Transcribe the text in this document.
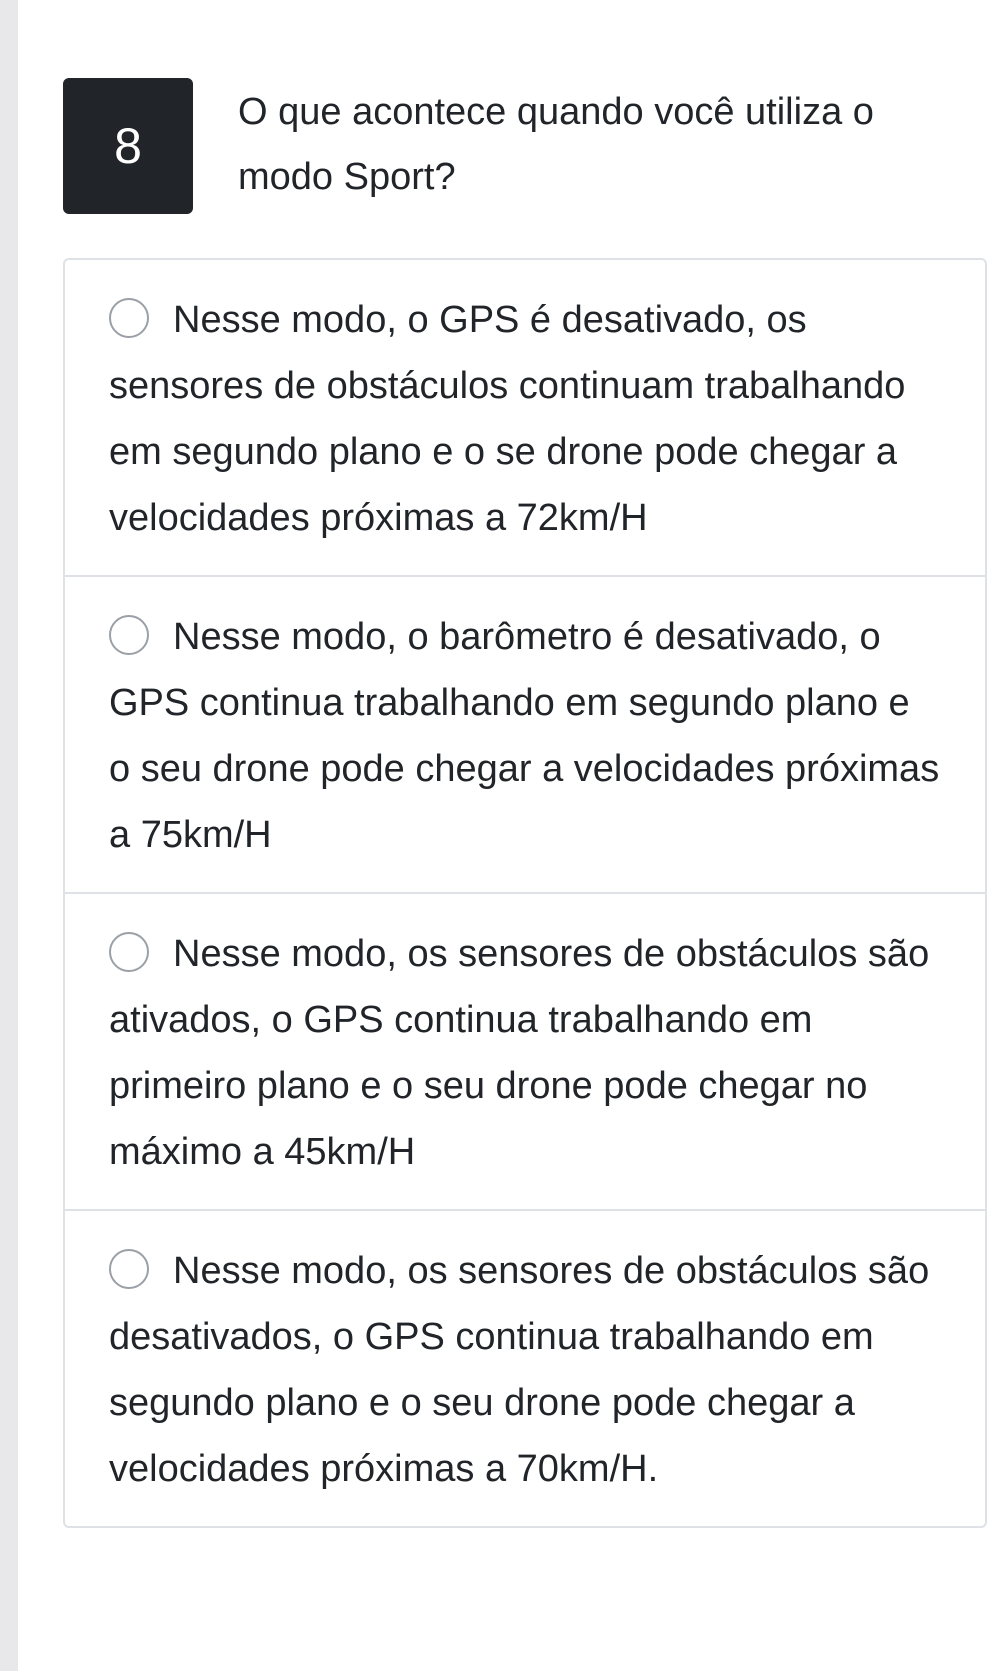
8
O que acontece quando você utiliza o modo Sport?
Nesse modo, o GPS é desativado, os sensores de obstáculos continuam trabalhando em segundo plano e o se drone pode chegar a velocidades próximas a 72km/H
Nesse modo, o barômetro é desativado, o GPS continua trabalhando em segundo plano e o seu drone pode chegar a velocidades próximas a 75km/H
Nesse modo, os sensores de obstáculos são ativados, o GPS continua trabalhando em primeiro plano e o seu drone pode chegar no máximo a 45km/H
Nesse modo, os sensores de obstáculos são desativados, o GPS continua trabalhando em segundo plano e o seu drone pode chegar a velocidades próximas a 70km/H.
